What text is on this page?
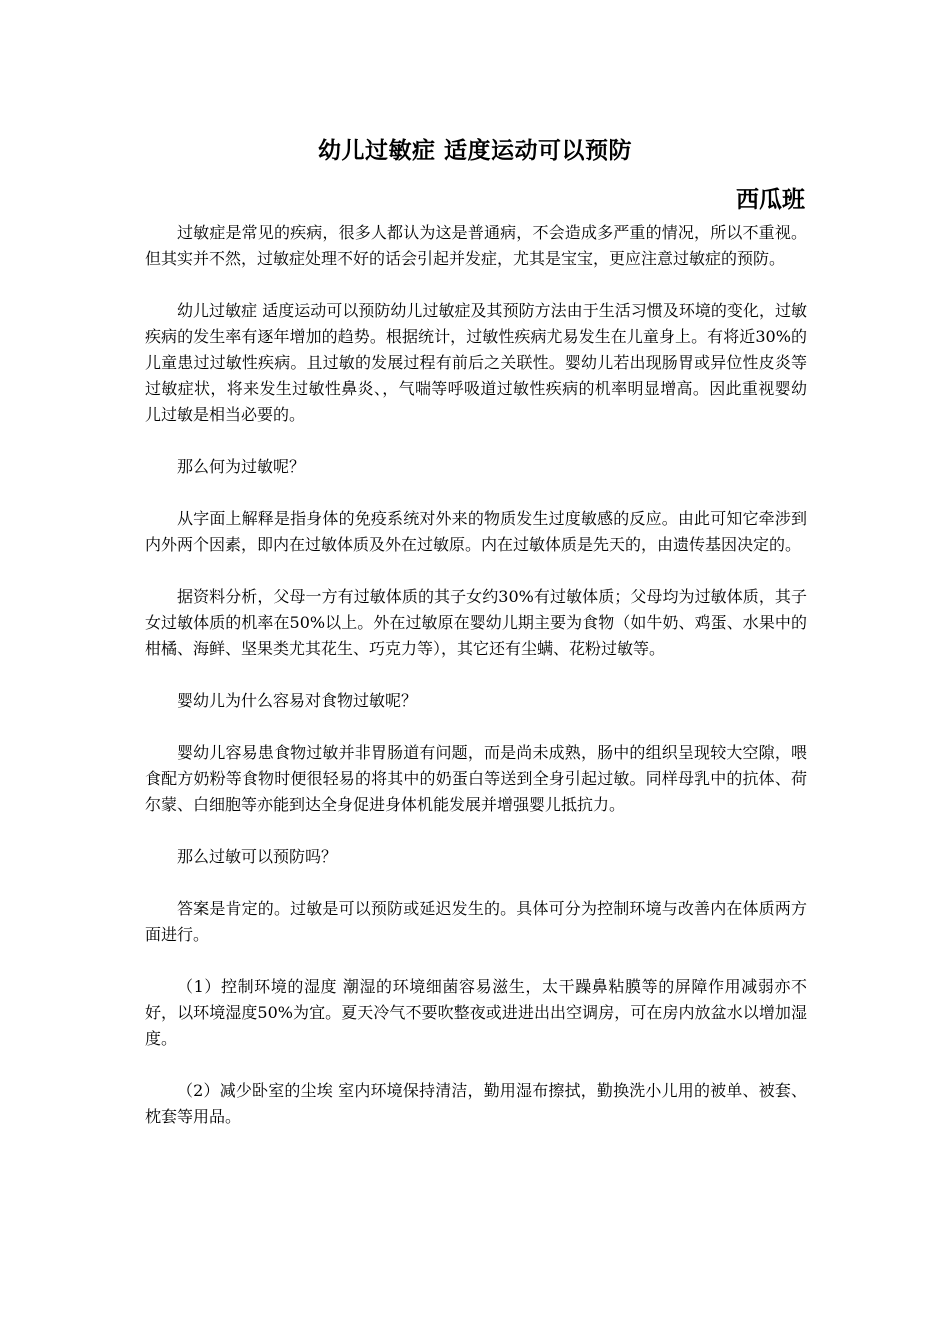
幼儿过敏症 适度运动可以预防
西瓜班

过敏症是常见的疾病，很多人都认为这是普通病，不会造成多严重的情况，所以不重视。但其实并不然，过敏症处理不好的话会引起并发症，尤其是宝宝，更应注意过敏症的预防。

幼儿过敏症 适度运动可以预防幼儿过敏症及其预防方法由于生活习惯及环境的变化，过敏疾病的发生率有逐年增加的趋势。根据统计，过敏性疾病尤易发生在儿童身上。有将近30%的儿童患过过敏性疾病。且过敏的发展过程有前后之关联性。婴幼儿若出现肠胃或异位性皮炎等过敏症状，将来发生过敏性鼻炎、，气喘等呼吸道过敏性疾病的机率明显增高。因此重视婴幼儿过敏是相当必要的。

那么何为过敏呢？

从字面上解释是指身体的免疫系统对外来的物质发生过度敏感的反应。由此可知它牵涉到内外两个因素，即内在过敏体质及外在过敏原。内在过敏体质是先天的，由遗传基因决定的。

据资料分析，父母一方有过敏体质的其子女约30%有过敏体质；父母均为过敏体质，其子女过敏体质的机率在50%以上。外在过敏原在婴幼儿期主要为食物（如牛奶、鸡蛋、水果中的柑橘、海鲜、坚果类尤其花生、巧克力等），其它还有尘螨、花粉过敏等。

婴幼儿为什么容易对食物过敏呢？

婴幼儿容易患食物过敏并非胃肠道有问题，而是尚未成熟，肠中的组织呈现较大空隙，喂食配方奶粉等食物时便很轻易的将其中的奶蛋白等送到全身引起过敏。同样母乳中的抗体、荷尔蒙、白细胞等亦能到达全身促进身体机能发展并增强婴儿抵抗力。

那么过敏可以预防吗？

答案是肯定的。过敏是可以预防或延迟发生的。具体可分为控制环境与改善内在体质两方面进行。

（1）控制环境的湿度 潮湿的环境细菌容易滋生，太干躁鼻粘膜等的屏障作用减弱亦不好，以环境湿度50%为宜。夏天冷气不要吹整夜或进进出出空调房，可在房内放盆水以增加湿度。

（2）减少卧室的尘埃 室内环境保持清洁，勤用湿布擦拭，勤换洗小儿用的被单、被套、枕套等用品。
